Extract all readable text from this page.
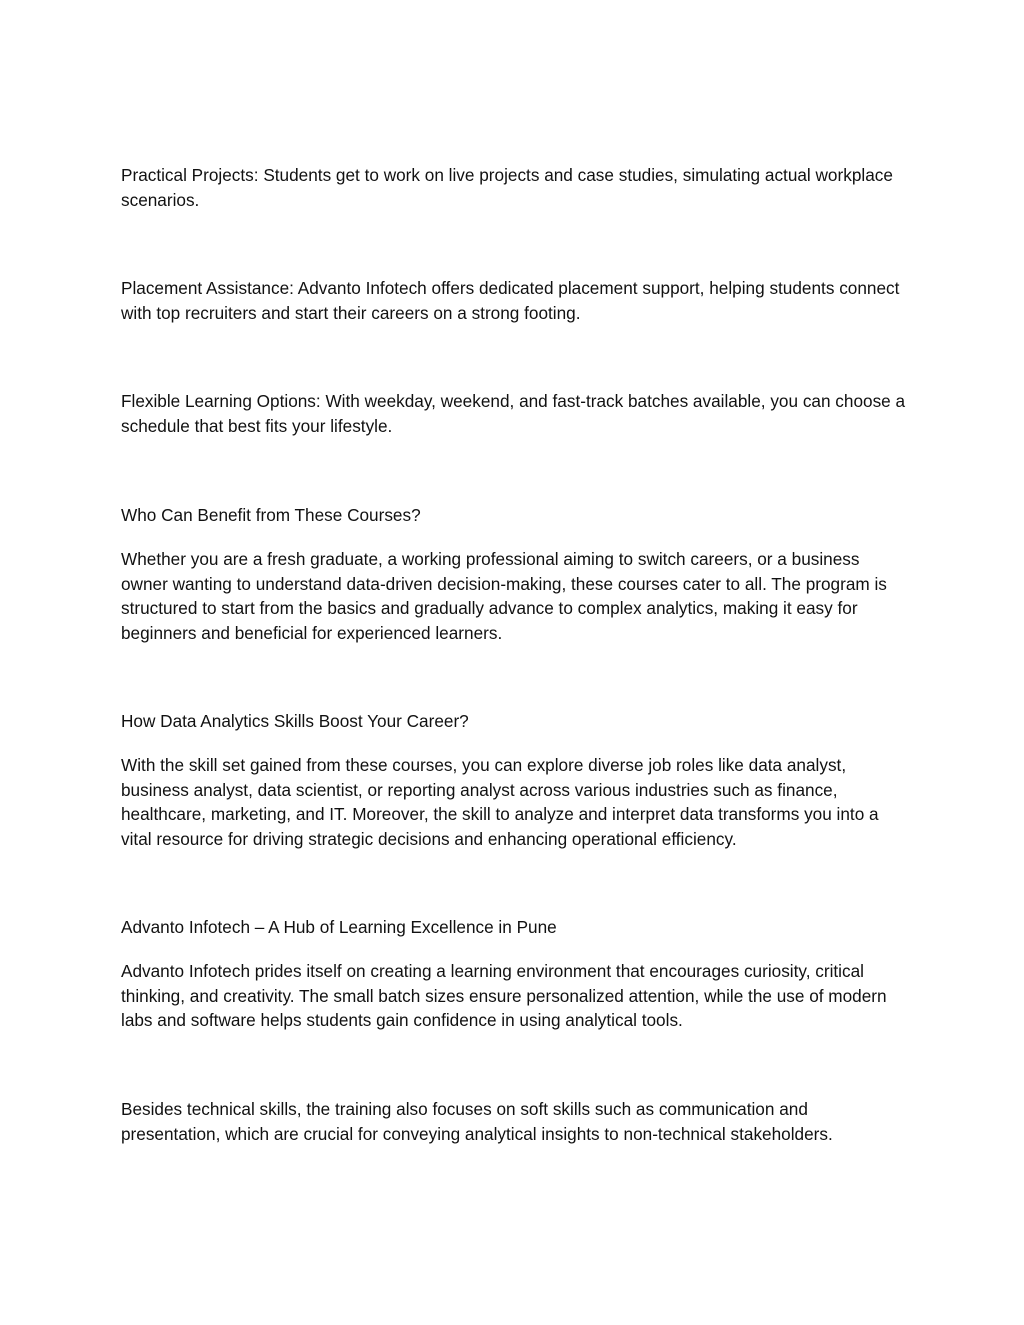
Practical Projects: Students get to work on live projects and case studies, simulating actual workplace scenarios.

Placement Assistance: Advanto Infotech offers dedicated placement support, helping students connect with top recruiters and start their careers on a strong footing.

Flexible Learning Options: With weekday, weekend, and fast-track batches available, you can choose a schedule that best fits your lifestyle.

Who Can Benefit from These Courses?

Whether you are a fresh graduate, a working professional aiming to switch careers, or a business owner wanting to understand data-driven decision-making, these courses cater to all. The program is structured to start from the basics and gradually advance to complex analytics, making it easy for beginners and beneficial for experienced learners.

How Data Analytics Skills Boost Your Career?

With the skill set gained from these courses, you can explore diverse job roles like data analyst, business analyst, data scientist, or reporting analyst across various industries such as finance, healthcare, marketing, and IT. Moreover, the skill to analyze and interpret data transforms you into a vital resource for driving strategic decisions and enhancing operational efficiency.

Advanto Infotech – A Hub of Learning Excellence in Pune

Advanto Infotech prides itself on creating a learning environment that encourages curiosity, critical thinking, and creativity. The small batch sizes ensure personalized attention, while the use of modern labs and software helps students gain confidence in using analytical tools.

Besides technical skills, the training also focuses on soft skills such as communication and presentation, which are crucial for conveying analytical insights to non-technical stakeholders.
